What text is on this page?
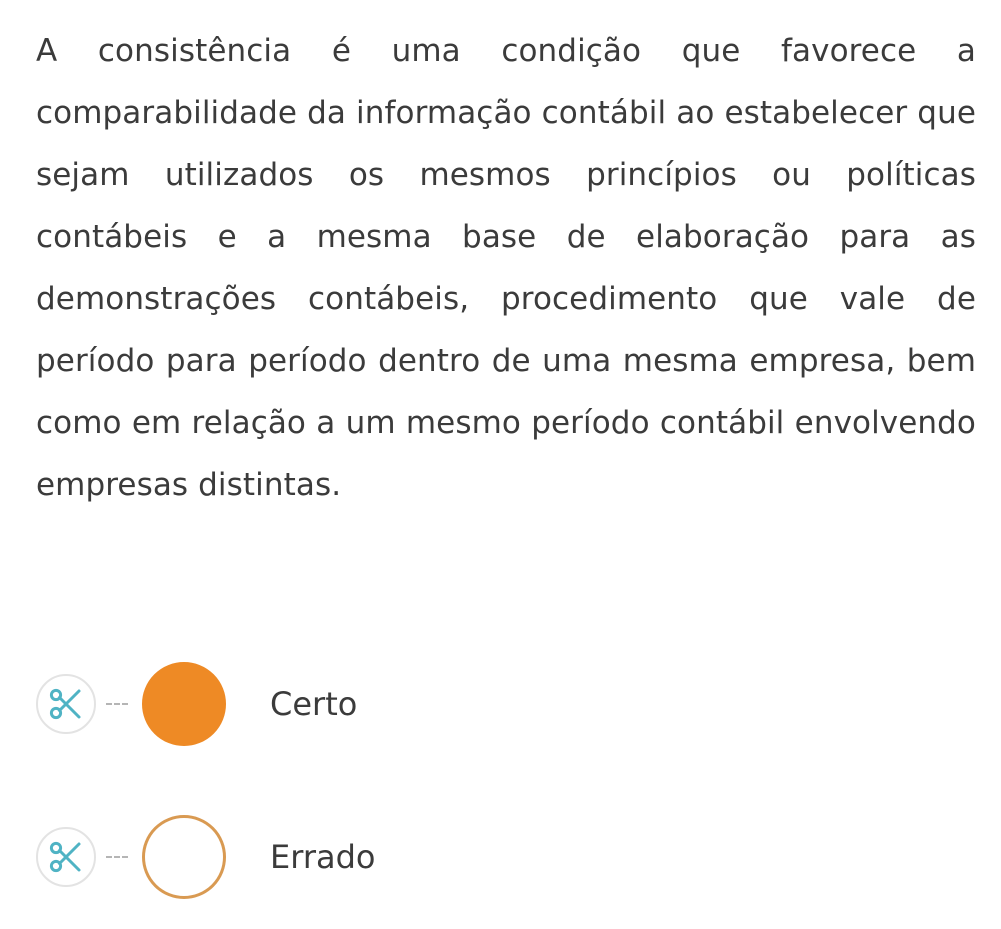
A consistência é uma condição que favorece a comparabilidade da informação contábil ao estabelecer que sejam utilizados os mesmos princípios ou políticas contábeis e a mesma base de elaboração para as demonstrações contábeis, procedimento que vale de período para período dentro de uma mesma empresa, bem como em relação a um mesmo período contábil envolvendo empresas distintas.

Certo
Errado
